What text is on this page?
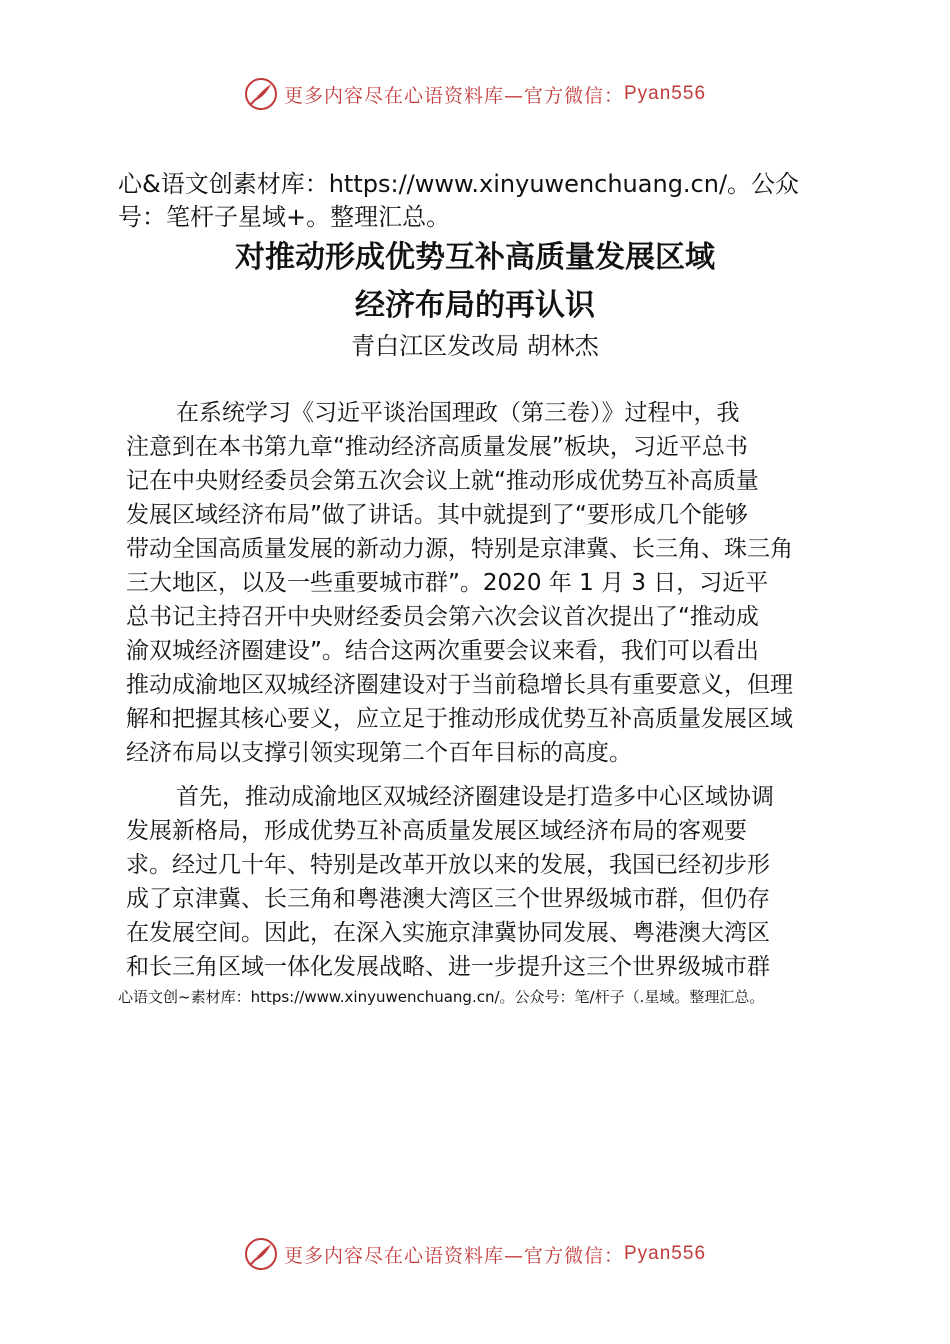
更多内容尽在心语资料库—官方微信： Pyan556
心&语文创素材库：https://www.xinyuwenchuang.cn/。公众号：笔杆子星域+。整理汇总。
对推动形成优势互补高质量发展区域
经济布局的再认识
青白江区发改局 胡林杰
在系统学习《习近平谈治国理政（第三卷）》过程中，我
注意到在本书第九章“推动经济高质量发展”板块，习近平总书
记在中央财经委员会第五次会议上就“推动形成优势互补高质量
发展区域经济布局”做了讲话。其中就提到了“要形成几个能够
带动全国高质量发展的新动力源，特别是京津冀、长三角、珠三角
三大地区，以及一些重要城市群”。2020 年 1 月 3 日，习近平
总书记主持召开中央财经委员会第六次会议首次提出了“推动成
渝双城经济圈建设”。结合这两次重要会议来看，我们可以看出
推动成渝地区双城经济圈建设对于当前稳增长具有重要意义，但理
解和把握其核心要义，应立足于推动形成优势互补高质量发展区域
经济布局以支撑引领实现第二个百年目标的高度。
首先，推动成渝地区双城经济圈建设是打造多中心区域协调
发展新格局，形成优势互补高质量发展区域经济布局的客观要
求。经过几十年、特别是改革开放以来的发展，我国已经初步形
成了京津冀、长三角和粤港澳大湾区三个世界级城市群，但仍存
在发展空间。因此，在深入实施京津冀协同发展、粤港澳大湾区
和长三角区域一体化发展战略、进一步提升这三个世界级城市群
心语文创~素材库：https://www.xinyuwenchuang.cn/。公众号：笔/杆子（.星域。整理汇总。
更多内容尽在心语资料库—官方微信： Pyan556
